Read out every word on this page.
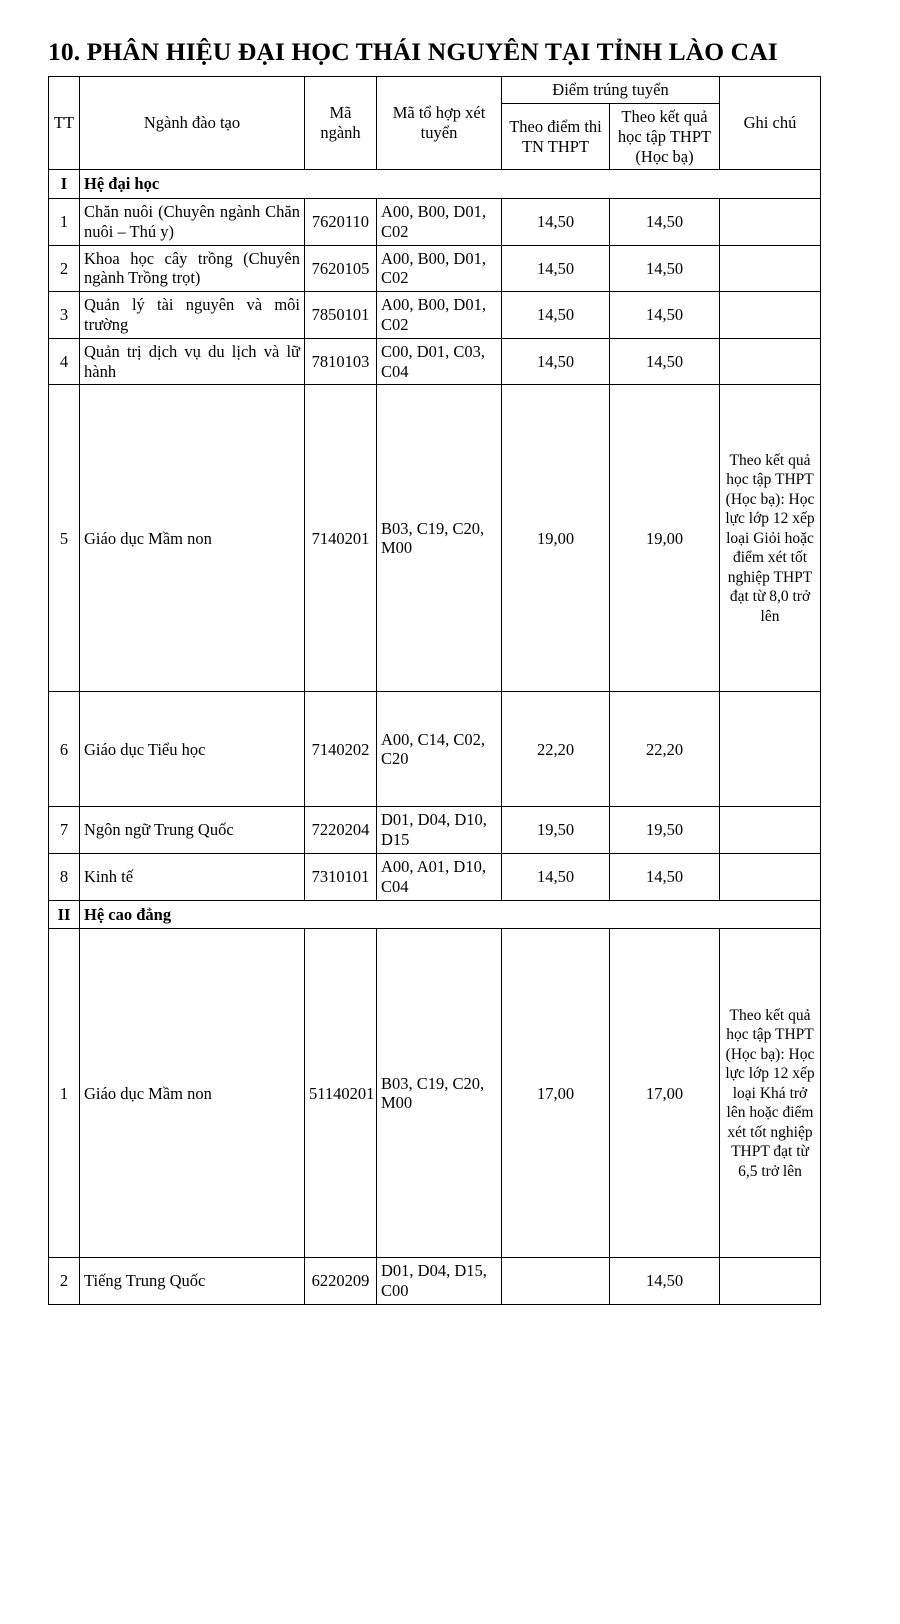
10. PHÂN HIỆU ĐẠI HỌC THÁI NGUYÊN TẠI TỈNH LÀO CAI
TT	Ngành đào tạo	Mã ngành	Mã tổ hợp xét tuyển	Điểm trúng tuyển		Ghi chú
				Theo điểm thi TN THPT	Theo kết quả học tập THPT (Học bạ)	
I	Hệ đại học					
1	Chăn nuôi (Chuyên ngành Chăn nuôi – Thú y)	7620110	A00, B00, D01, C02	14,50	14,50	
2	Khoa học cây trồng (Chuyên ngành Trồng trọt)	7620105	A00, B00, D01, C02	14,50	14,50	
3	Quản lý tài nguyên và môi trường	7850101	A00, B00, D01, C02	14,50	14,50	
4	Quản trị dịch vụ du lịch và lữ hành	7810103	C00, D01, C03, C04	14,50	14,50	
5	Giáo dục Mầm non	7140201	B03, C19, C20, M00	19,00	19,00	Theo kết quả học tập THPT (Học bạ): Học lực lớp 12 xếp loại Giỏi hoặc điểm xét tốt nghiệp THPT đạt từ 8,0 trở lên
6	Giáo dục Tiểu học	7140202	A00, C14, C02, C20	22,20	22,20	
7	Ngôn ngữ Trung Quốc	7220204	D01, D04, D10, D15	19,50	19,50	
8	Kinh tế	7310101	A00, A01, D10, C04	14,50	14,50	
II	Hệ cao đẳng					
1	Giáo dục Mầm non	51140201	B03, C19, C20, M00	17,00	17,00	Theo kết quả học tập THPT (Học bạ): Học lực lớp 12 xếp loại Khá trở lên hoặc điểm xét tốt nghiệp THPT đạt từ 6,5 trở lên
2	Tiếng Trung Quốc	6220209	D01, D04, D15, C00		14,50	
